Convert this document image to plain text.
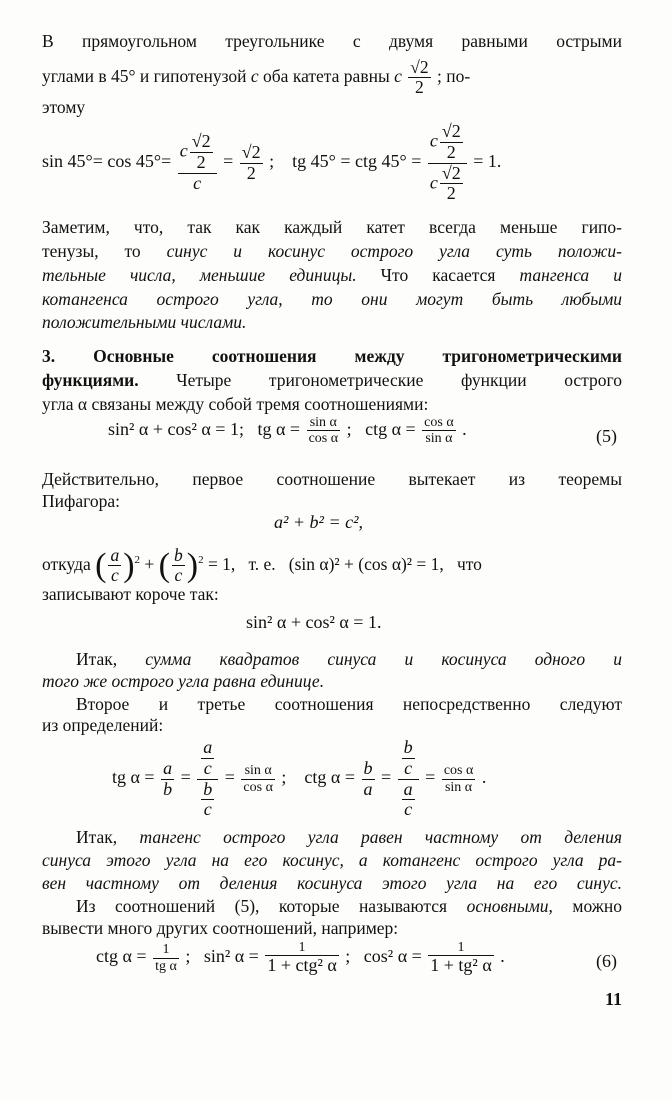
В прямоугольном треугольнике с двумя равными острыми
углами в 45° и гипотенузой c оба катета равны c $\frac{√2}{2}$ ; по-
этому
$\sin 45^\circ= \cos 45^\circ= \frac{c \frac{√2}{2}}{c} = \frac{√2}{2}$ ; tg 45° = ctg $45^\circ = \frac{c \frac{√2}{2}}{c \frac{√2}{2}} = 1$.
Заметим, что, так как каждый катет всегда меньше гипо-
тенузы, то синус и косинус острого угла суть положи-
тельные числа, меньшие единицы. Что касается тангенса и
котангенса острого угла, то они могут быть любыми
положительными числами.
3. Основные соотношения между тригонометрическими
функциями. Четыре тригонометрические функции острого
угла α связаны между собой тремя соотношениями:
sin² α + cos² α = 1; tg $\alpha = \frac{\text{sin α}}{\text{cos α}}$ ; ctg $\alpha = \frac{\text{cos α}}{\text{sin α}}$ .	(5)
Действительно, первое соотношение вытекает из теоремы
Пифагора:
a² + b² = c²,
откуда ( $\frac{a}{c} )^2$ + ( $\frac{b}{c} )^2 = 1$, т. е. (sin α)² + (cos α)² = 1, что
записывают короче так:
sin² α + cos² α = 1.
Итак, сумма квадратов синуса и косинуса одного и
того же острого угла равна единице.
Второе и третье соотношения непосредственно следуют
из определений:
tg $\alpha = \frac{a}{b} = \frac{\frac{a}{c}}{\frac{b}{c}} = \frac{\text{sin α}}{\text{cos α}}$ ; ctg $\alpha = \frac{b}{a} = \frac{\frac{b}{c}}{\frac{a}{c}} = \frac{\text{cos α}}{\text{sin α}}$ .
Итак, тангенс острого угла равен частному от деления
синуса этого угла на его косинус, а котангенс острого угла ра-
вен частному от деления косинуса этого угла на его синус.
Из соотношений (5), которые называются основными, можно
вывести много других соотношений, например:
ctg $\alpha = \frac{1}{\text{tg α}}$ ; sin² $\alpha = \frac{1}{\text{1 + ctg² α}}$ ; cos² $\alpha = \frac{1}{\text{1 + tg² α}}$ .	(6)
11
